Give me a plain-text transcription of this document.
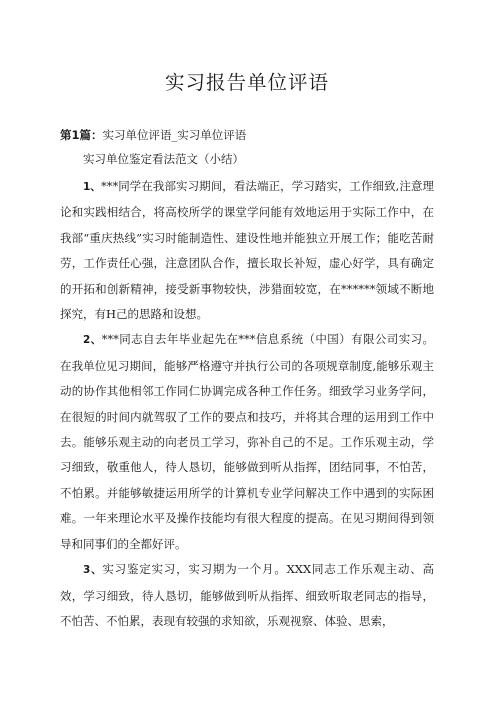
实习报告单位评语

第1篇：实习单位评语_实习单位评语

实习单位鉴定看法范文（小结）

1、***同学在我部实习期间，看法端正，学习踏实，工作细致,注意理论和实践相结合，将高校所学的课堂学问能有效地运用于实际工作中，在我部“重庆热线”实习时能制造性、建设性地并能独立开展工作；能吃苦耐劳，工作责任心强，注意团队合作，擅长取长补短，虚心好学，具有确定的开拓和创新精神，接受新事物较快，涉猎面较宽，在******领域不断地探究，有H己的思路和设想。

2、***同志自去年毕业起先在***信息系统（中国）有限公司实习。在我单位见习期间，能够严格遵守并执行公司的各项规章制度,能够乐观主动的协作其他相邻工作同仁协调完成各种工作任务。细致学习业务学问，在很短的时间内就驾驭了工作的要点和技巧，并将其合理的运用到工作中去。能够乐观主动的向老员工学习，弥补自己的不足。工作乐观主动，学习细致，敬重他人，待人恳切，能够做到听从指挥，团结同事，不怕苦，不怕累。并能够敏捷运用所学的计算机专业学问解决工作中遇到的实际困难。一年来理论水平及操作技能均有很大程度的提高。在见习期间得到领导和同事们的全都好评。

3、实习鉴定实习，实习期为一个月。XXX同志工作乐观主动、高效，学习细致，待人恳切，能够做到听从指挥、细致听取老同志的指导，不怕苦、不怕累，表现有较强的求知欲，乐观视察、体验、思索，
